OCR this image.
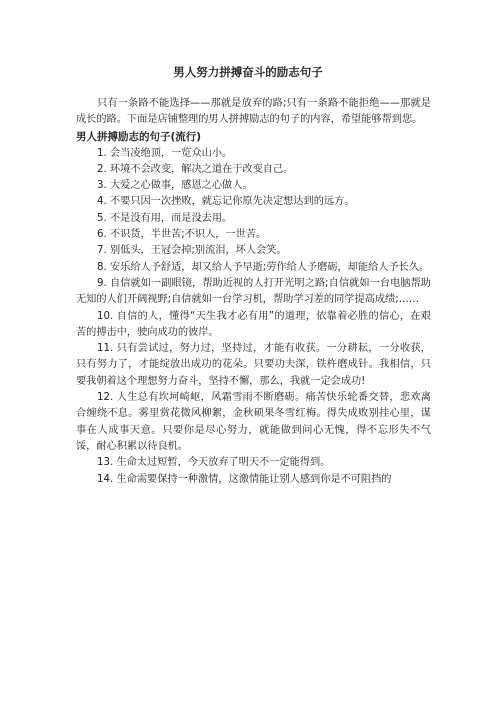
男人努力拼搏奋斗的励志句子

只有一条路不能选择——那就是放弃的路;只有一条路不能拒绝——那就是成长的路。下面是店铺整理的男人拼搏励志的句子的内容，希望能够帮到您。

男人拼搏励志的句子(流行)

1. 会当凌绝顶，一览众山小。

2. 环境不会改变，解决之道在于改变自己。

3. 大爱之心做事，感恩之心做人。

4. 不要只因一次挫败，就忘记你原先决定想达到的远方。

5. 不是没有用，而是没去用。

6. 不识货，半世苦;不识人，一世苦。

7. 别低头，王冠会掉;别流泪，坏人会笑。

8. 安乐给人予舒适，却又给人予早逝;劳作给人予磨砺，却能给人予长久。

9. 自信就如一副眼镜，帮助近视的人打开光明之路;自信就如一台电脑帮助无知的人们开阔视野;自信就如一台学习机，帮助学习差的同学提高成绩;……

10. 自信的人，懂得“天生我才必有用”的道理，依靠着必胜的信心，在艰苦的搏击中，驶向成功的彼岸。

11. 只有尝试过，努力过，坚持过，才能有收获。一分耕耘，一分收获，只有努力了，才能绽放出成功的花朵。只要功夫深，铁杵磨成针。我相信，只要我朝着这个理想努力奋斗，坚持不懈，那么，我就一定会成功!

12. 人生总有坎坷崎岖，风霜雪雨不断磨砺。痛苦快乐轮番交替，悲欢离合缠绕不息。雾里赏花微风柳絮，金秋硕果冬雪红梅。得失成败别挂心里，谋事在人成事天意。只要你是尽心努力，就能做到问心无愧，得不忘形失不气馁，耐心积累以待良机。

13. 生命太过短暂，今天放弃了明天不一定能得到。

14. 生命需要保持一种激情，这激情能让别人感到你是不可阻挡的
